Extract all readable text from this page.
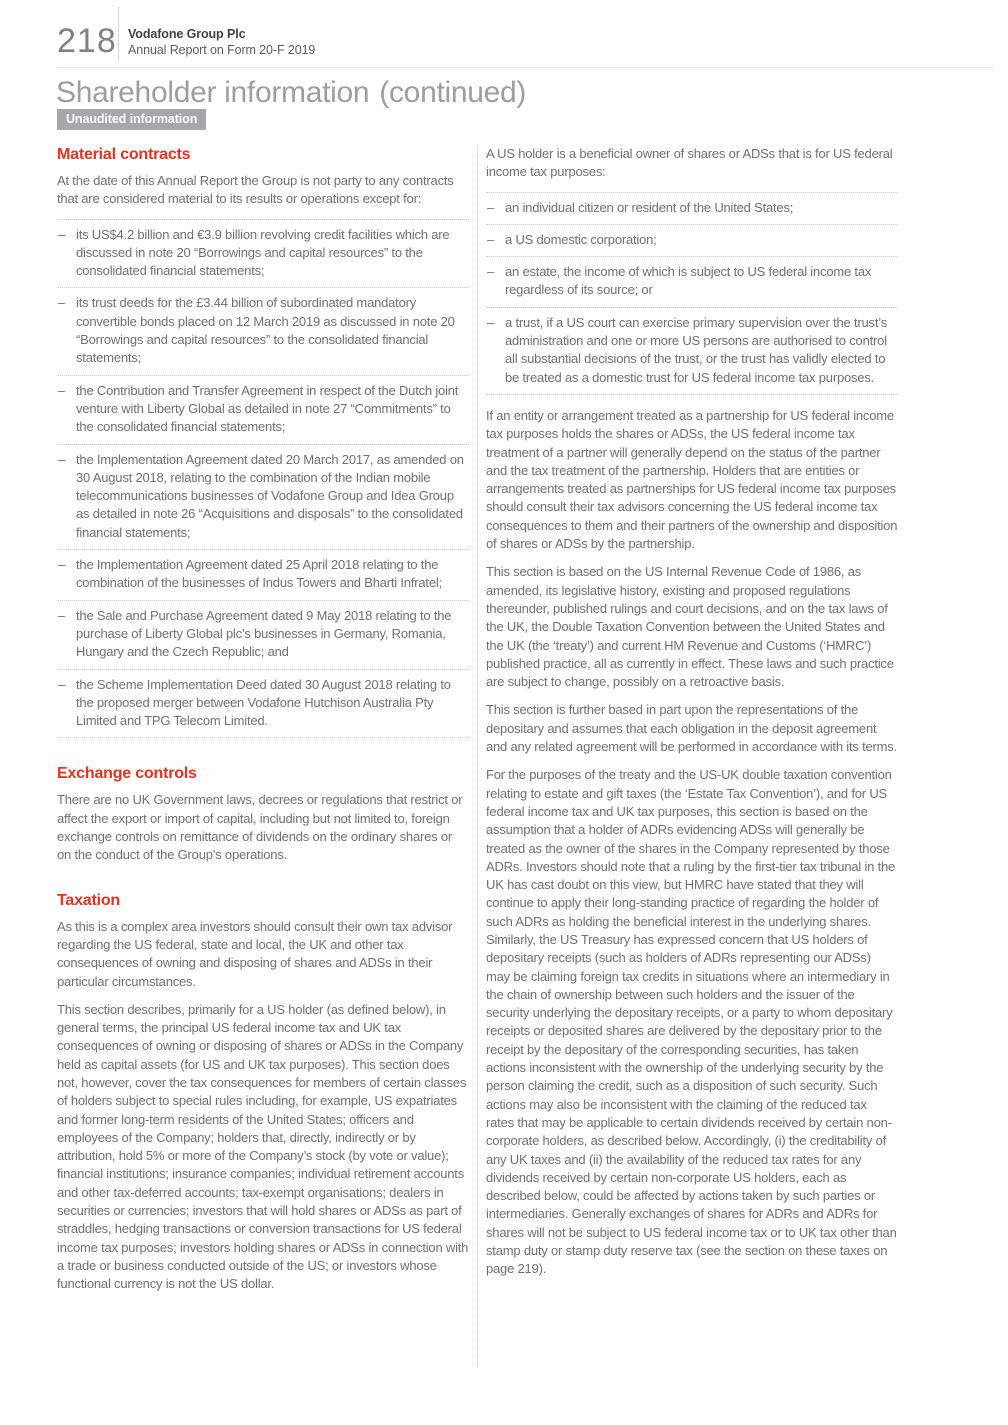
218 Vodafone Group Plc
Annual Report on Form 20-F 2019
Shareholder information (continued)
Unaudited information
Material contracts

At the date of this Annual Report the Group is not party to any contracts that are considered material to its results or operations except for:

– its US$4.2 billion and €3.9 billion revolving credit facilities which are discussed in note 20 “Borrowings and capital resources” to the consolidated financial statements;
– its trust deeds for the £3.44 billion of subordinated mandatory convertible bonds placed on 12 March 2019 as discussed in note 20 “Borrowings and capital resources” to the consolidated financial statements;
– the Contribution and Transfer Agreement in respect of the Dutch joint venture with Liberty Global as detailed in note 27 “Commitments” to the consolidated financial statements;
– the Implementation Agreement dated 20 March 2017, as amended on 30 August 2018, relating to the combination of the Indian mobile telecommunications businesses of Vodafone Group and Idea Group as detailed in note 26 “Acquisitions and disposals” to the consolidated financial statements;
– the Implementation Agreement dated 25 April 2018 relating to the combination of the businesses of Indus Towers and Bharti Infratel;
– the Sale and Purchase Agreement dated 9 May 2018 relating to the purchase of Liberty Global plc’s businesses in Germany, Romania, Hungary and the Czech Republic; and
– the Scheme Implementation Deed dated 30 August 2018 relating to the proposed merger between Vodafone Hutchison Australia Pty Limited and TPG Telecom Limited.
Exchange controls

There are no UK Government laws, decrees or regulations that restrict or affect the export or import of capital, including but not limited to, foreign exchange controls on remittance of dividends on the ordinary shares or on the conduct of the Group’s operations.

Taxation

As this is a complex area investors should consult their own tax advisor regarding the US federal, state and local, the UK and other tax consequences of owning and disposing of shares and ADSs in their particular circumstances.

This section describes, primarily for a US holder (as defined below), in general terms, the principal US federal income tax and UK tax consequences of owning or disposing of shares or ADSs in the Company held as capital assets (for US and UK tax purposes). This section does not, however, cover the tax consequences for members of certain classes of holders subject to special rules including, for example, US expatriates and former long-term residents of the United States; officers and employees of the Company; holders that, directly, indirectly or by attribution, hold 5% or more of the Company’s stock (by vote or value); financial institutions; insurance companies; individual retirement accounts and other tax-deferred accounts; tax-exempt organisations; dealers in securities or currencies; investors that will hold shares or ADSs as part of straddles, hedging transactions or conversion transactions for US federal income tax purposes; investors holding shares or ADSs in connection with a trade or business conducted outside of the US; or investors whose functional currency is not the US dollar.

A US holder is a beneficial owner of shares or ADSs that is for US federal income tax purposes:

– an individual citizen or resident of the United States;
– a US domestic corporation;
– an estate, the income of which is subject to US federal income tax regardless of its source; or
– a trust, if a US court can exercise primary supervision over the trust’s administration and one or more US persons are authorised to control all substantial decisions of the trust, or the trust has validly elected to be treated as a domestic trust for US federal income tax purposes.

If an entity or arrangement treated as a partnership for US federal income tax purposes holds the shares or ADSs, the US federal income tax treatment of a partner will generally depend on the status of the partner and the tax treatment of the partnership. Holders that are entities or arrangements treated as partnerships for US federal income tax purposes should consult their tax advisors concerning the US federal income tax consequences to them and their partners of the ownership and disposition of shares or ADSs by the partnership.

This section is based on the US Internal Revenue Code of 1986, as amended, its legislative history, existing and proposed regulations thereunder, published rulings and court decisions, and on the tax laws of the UK, the Double Taxation Convention between the United States and the UK (the ‘treaty’) and current HM Revenue and Customs (‘HMRC’) published practice, all as currently in effect. These laws and such practice are subject to change, possibly on a retroactive basis.

This section is further based in part upon the representations of the depositary and assumes that each obligation in the deposit agreement and any related agreement will be performed in accordance with its terms.

For the purposes of the treaty and the US-UK double taxation convention relating to estate and gift taxes (the ‘Estate Tax Convention’), and for US federal income tax and UK tax purposes, this section is based on the assumption that a holder of ADRs evidencing ADSs will generally be treated as the owner of the shares in the Company represented by those ADRs. Investors should note that a ruling by the first-tier tax tribunal in the UK has cast doubt on this view, but HMRC have stated that they will continue to apply their long-standing practice of regarding the holder of such ADRs as holding the beneficial interest in the underlying shares. Similarly, the US Treasury has expressed concern that US holders of depositary receipts (such as holders of ADRs representing our ADSs) may be claiming foreign tax credits in situations where an intermediary in the chain of ownership between such holders and the issuer of the security underlying the depositary receipts, or a party to whom depositary receipts or deposited shares are delivered by the depositary prior to the receipt by the depositary of the corresponding securities, has taken actions inconsistent with the ownership of the underlying security by the person claiming the credit, such as a disposition of such security. Such actions may also be inconsistent with the claiming of the reduced tax rates that may be applicable to certain dividends received by certain non-corporate holders, as described below. Accordingly, (i) the creditability of any UK taxes and (ii) the availability of the reduced tax rates for any dividends received by certain non-corporate US holders, each as described below, could be affected by actions taken by such parties or intermediaries. Generally exchanges of shares for ADRs and ADRs for shares will not be subject to US federal income tax or to UK tax other than stamp duty or stamp duty reserve tax (see the section on these taxes on page 219).
